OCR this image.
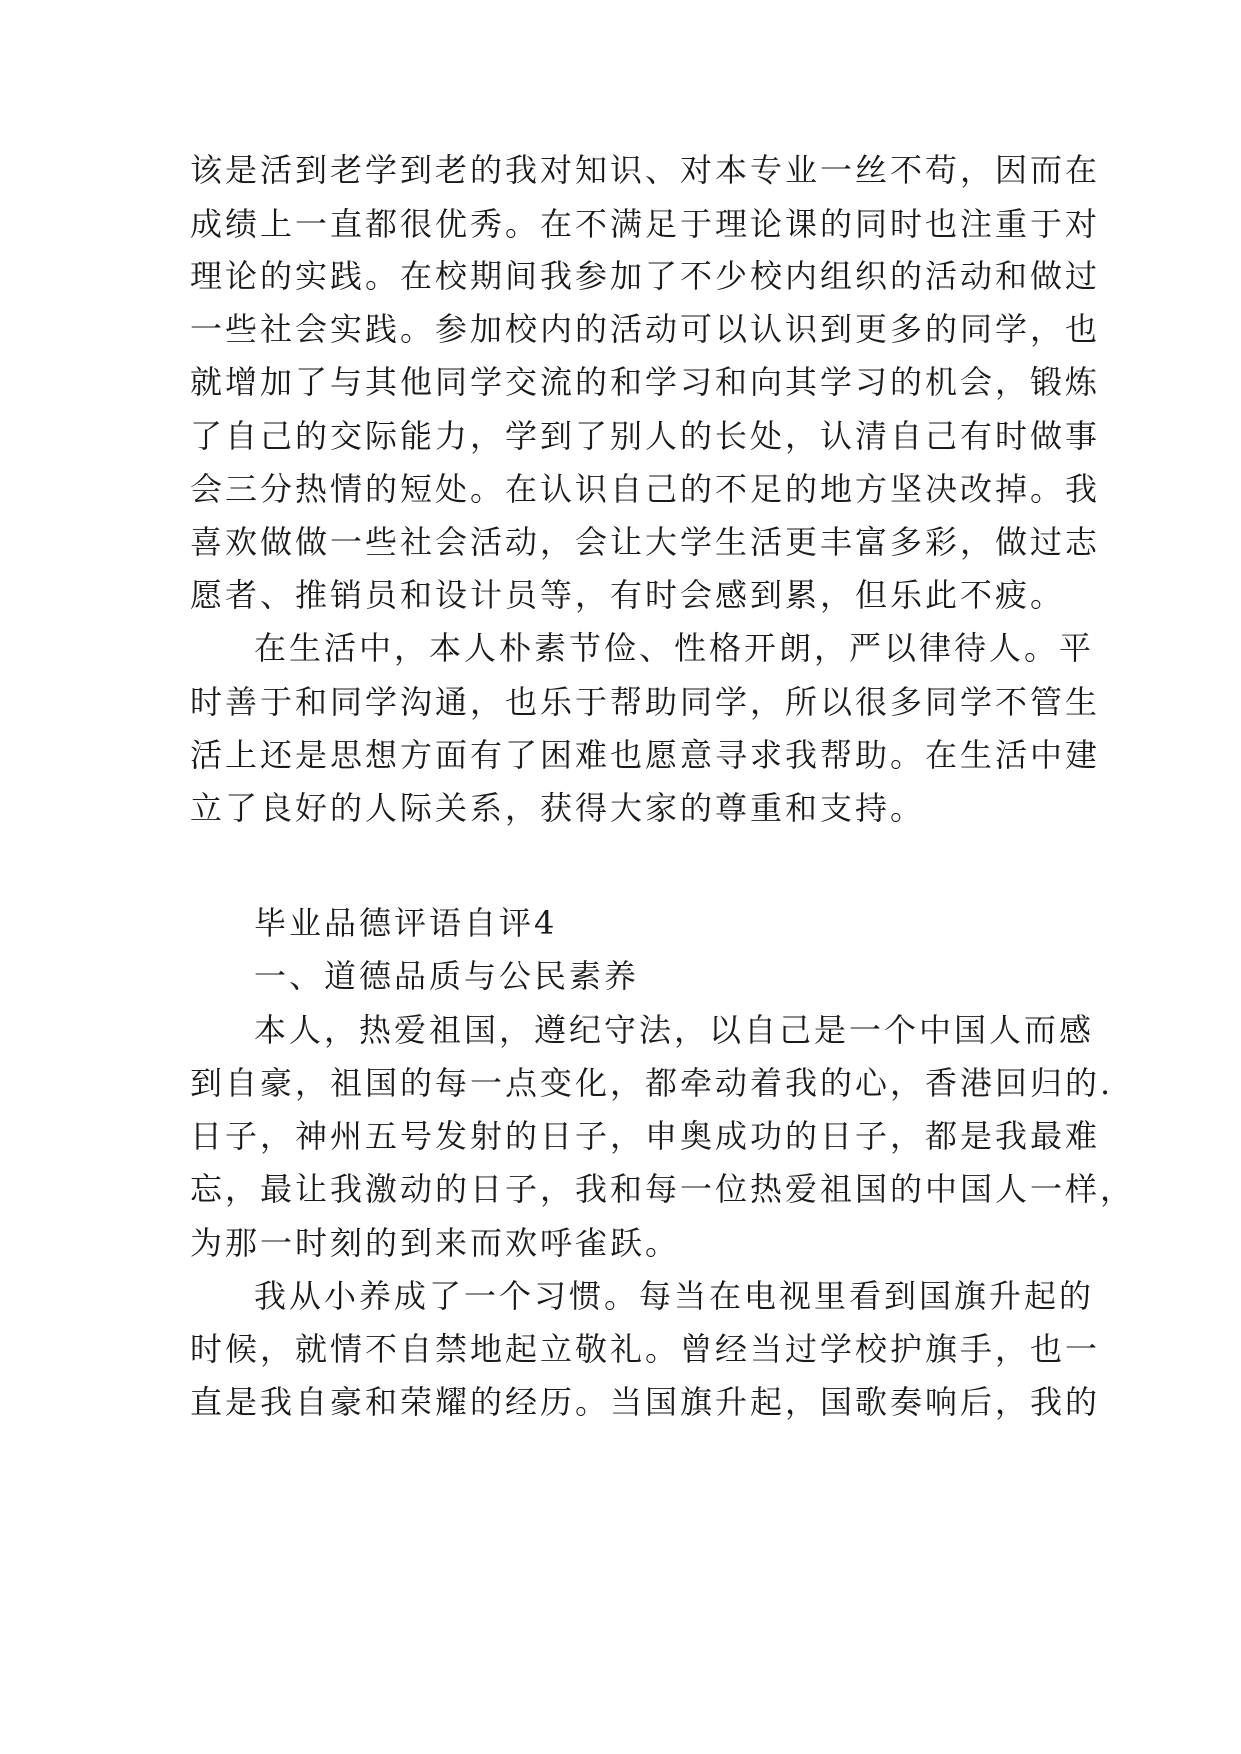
该是活到老学到老的我对知识、对本专业一丝不苟，因而在
成绩上一直都很优秀。在不满足于理论课的同时也注重于对
理论的实践。在校期间我参加了不少校内组织的活动和做过
一些社会实践。参加校内的活动可以认识到更多的同学，也
就增加了与其他同学交流的和学习和向其学习的机会，锻炼
了自己的交际能力，学到了别人的长处，认清自己有时做事
会三分热情的短处。在认识自己的不足的地方坚决改掉。我
喜欢做做一些社会活动，会让大学生活更丰富多彩，做过志
愿者、推销员和设计员等，有时会感到累，但乐此不疲。
在生活中，本人朴素节俭、性格开朗，严以律待人。平
时善于和同学沟通，也乐于帮助同学，所以很多同学不管生
活上还是思想方面有了困难也愿意寻求我帮助。在生活中建
立了良好的人际关系，获得大家的尊重和支持。
毕业品德评语自评4
一、道德品质与公民素养
本人，热爱祖国，遵纪守法，以自己是一个中国人而感
到自豪，祖国的每一点变化，都牵动着我的心，香港回归的.
日子，神州五号发射的日子，申奥成功的日子，都是我最难
忘，最让我激动的日子，我和每一位热爱祖国的中国人一样，
为那一时刻的到来而欢呼雀跃。
我从小养成了一个习惯。每当在电视里看到国旗升起的
时候，就情不自禁地起立敬礼。曾经当过学校护旗手，也一
直是我自豪和荣耀的经历。当国旗升起，国歌奏响后，我的
